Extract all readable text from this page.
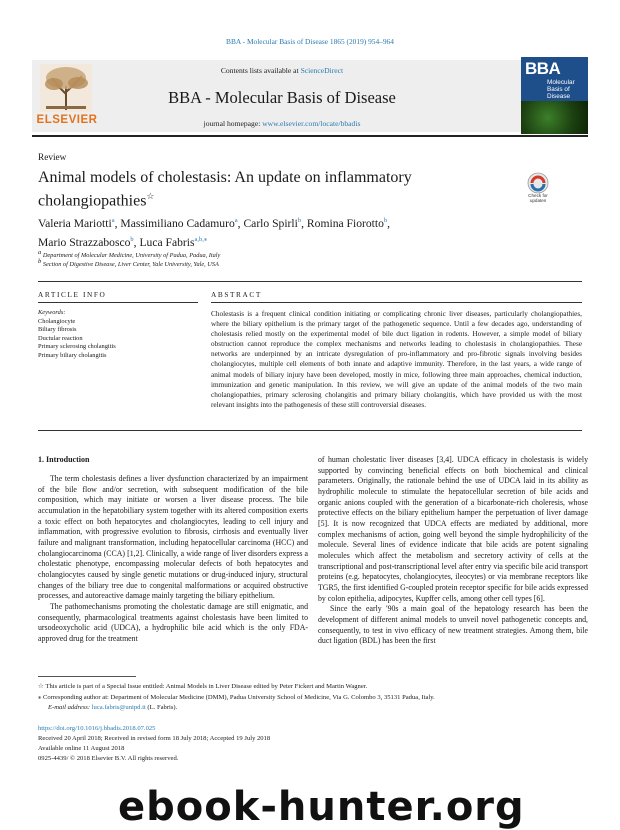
BBA - Molecular Basis of Disease 1865 (2019) 954–964
ELSEVIER
Contents lists available at ScienceDirect
BBA - Molecular Basis of Disease
journal homepage: www.elsevier.com/locate/bbadis
BBA
Molecular Basis of Disease
Review
Animal models of cholestasis: An update on inflammatory cholangiopathies☆	Check for updates
Valeria Mariotti$^a$, Massimiliano Cadamuro$^a$, Carlo Spirli$^b$, Romina Fiorotto$^b$,
Mario Strazzabosco$^b$, Luca Fabris$^{a,b,⁎}$
$^a$ Department of Molecular Medicine, University of Padua, Padua, Italy
$^b$ Section of Digestive Disease, Liver Center, Yale University, Yale, USA
ARTICLE INFO	ABSTRACT
Keywords:
Cholangiocyte
Biliary fibrosis
Ductular reaction
Primary sclerosing cholangitis
Primary biliary cholangitis
Cholestasis is a frequent clinical condition initiating or complicating chronic liver diseases, particularly cholangiopathies, where the biliary epithelium is the primary target of the pathogenetic sequence. Until a few decades ago, understanding of cholestasis relied mostly on the experimental model of bile duct ligation in rodents. However, a simple model of biliary obstruction cannot reproduce the complex mechanisms and networks leading to cholestasis in cholangiopathies. These networks are underpinned by an intricate dysregulation of pro-inflammatory and pro-fibrotic signals involving besides cholangiocytes, multiple cell elements of both innate and adaptive immunity. Therefore, in the last years, a wide range of animal models of biliary injury have been developed, mostly in mice, following three main approaches, chemical induction, immunization and genetic manipulation. In this review, we will give an update of the animal models of the two main cholangiopathies, primary sclerosing cholangitis and primary biliary cholangitis, which have provided us with the most relevant insights into the pathogenesis of these still controversial diseases.
1. Introduction

The term cholestasis defines a liver dysfunction characterized by an impairment of the bile flow and/or secretion, with subsequent modification of the bile composition, which may initiate or worsen a liver disease process. The bile accumulation in the hepatobiliary system together with its altered composition exerts a toxic effect on both hepatocytes and cholangiocytes, leading to cell injury and inflammation, with progressive evolution to fibrosis, cirrhosis and eventually liver failure and malignant transformation, including hepatocellular carcinoma (HCC) and cholangiocarcinoma (CCA) [1,2]. Clinically, a wide range of liver disorders express a cholestatic phenotype, encompassing molecular defects of both hepatocytes and cholangiocytes caused by single genetic mutations or drug-induced injury, structural changes of the biliary tree due to congenital malformations or acquired obstructive processes, and autoreactive damage mainly targeting the biliary epithelium.

The pathomechanisms promoting the cholestatic damage are still enigmatic, and consequently, pharmacological treatments against cholestasis have been limited to ursodeoxycholic acid (UDCA), a hydrophilic bile acid which is the only FDA-approved drug for the treatment

of human cholestatic liver diseases [3,4]. UDCA efficacy in cholestasis is widely supported by convincing beneficial effects on both biochemical and clinical parameters. Originally, the rationale behind the use of UDCA laid in its ability as hydrophilic molecule to stimulate the hepatocellular secretion of bile acids and organic anions coupled with the generation of a bicarbonate-rich choleresis, whose protective effects on the biliary epithelium hamper the perpetuation of liver damage [5]. It is now recognized that UDCA effects are mediated by additional, more complex mechanisms of action, going well beyond the simple hydrophilicity of the molecule. Several lines of evidence indicate that bile acids are potent signaling molecules which affect the metabolism and secretory activity of cells at the transcriptional and post-transcriptional level after entry via specific bile acid transport proteins (e.g. hepatocytes, cholangiocytes, ileocytes) or via membrane receptors like TGR5, the first identified G-coupled protein receptor specific for bile acids expressed by colon epithelia, adipocytes, Kupffer cells, among other cell types [6].

Since the early '90s a main goal of the hepatology research has been the development of different animal models to unveil novel pathogenetic concepts and, consequently, to test in vivo efficacy of new treatment strategies. Among them, bile duct ligation (BDL) has been the first

☆ This article is part of a Special Issue entitled: Animal Models in Liver Disease edited by Peter Fickert and Martin Wagner.
⁎ Corresponding author at: Department of Molecular Medicine (DMM), Padua University School of Medicine, Via G. Colombo 3, 35131 Padua, Italy.
E-mail address: luca.fabris@unipd.it (L. Fabris).
https://doi.org/10.1016/j.bbadis.2018.07.025
Received 20 April 2018; Received in revised form 18 July 2018; Accepted 19 July 2018
Available online 11 August 2018
0925-4439/ © 2018 Elsevier B.V. All rights reserved.
ebook-hunter.org
